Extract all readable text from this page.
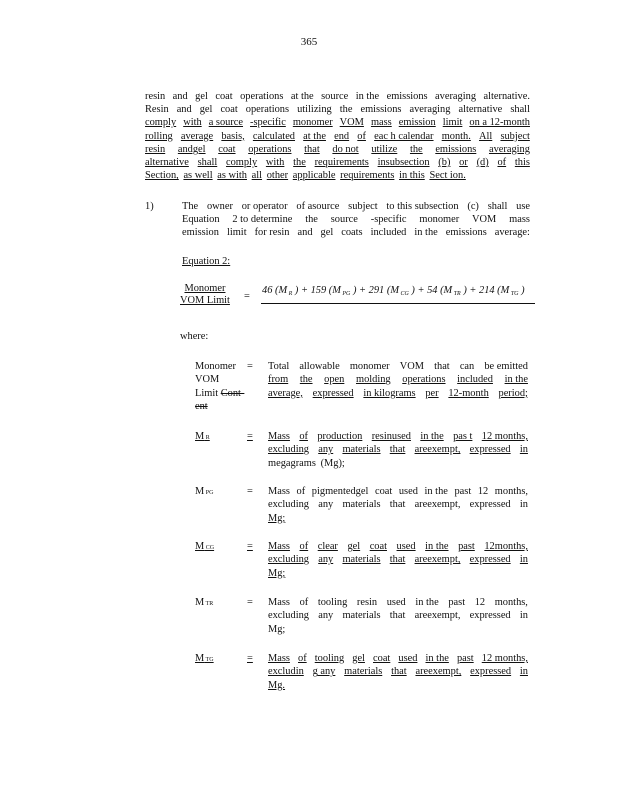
365
resin and gel coat operations at the source in the emissions averaging alternative.
Resin and gel coat operations utilizing the emissions averaging alternative shall
comply with a source -specific monomer VOM mass emission limit on a 12-month
rolling average basis, calculated at the end of eac h calendar month. All subject
resin andgel coat operations that do not utilize the emissions averaging
alternative shall comply with the requirements insubsection (b) or (d) of this
Section, as well as with all other applicable requirements in this Sect ion.
1)	The owner or operator of asource subject to this subsection (c) shall use
Equation 2 to determine the source -specific monomer VOM mass
emission limit for resin and gel coats included in the emissions average:
Equation 2:
Monomer
VOM Limit =
46 (M $_R$ ) + 159 (M $_{PG}$ ) + 291 (M $_{CG}$ ) + 54 (M $_{TR}$ ) + 214 (M $_{TG}$ )
where:
Monomer
VOM
Limit Cont-
ent
= Total allowable monomer VOM that can be emitted
from the open molding operations included in the
average, expressed in kilograms per 12-month period;
M R	= Mass of production resinused in the pas t 12 months,
excluding any materials that areexempt, expressed in
megagrams (Mg);
M PG	= Mass of pigmentedgel coat used in the past 12 months,
excluding any materials that areexempt, expressed in
Mg;
M CG	= Mass of clear gel coat used in the past 12months,
excluding any materials that areexempt, expressed in
Mg;
M TR	= Mass of tooling resin used in the past 12 months,
excluding any materials that areexempt, expressed in
Mg;
M TG	= Mass of tooling gel coat used in the past 12 months,
excludin g any materials that areexempt, expressed in
Mg.
